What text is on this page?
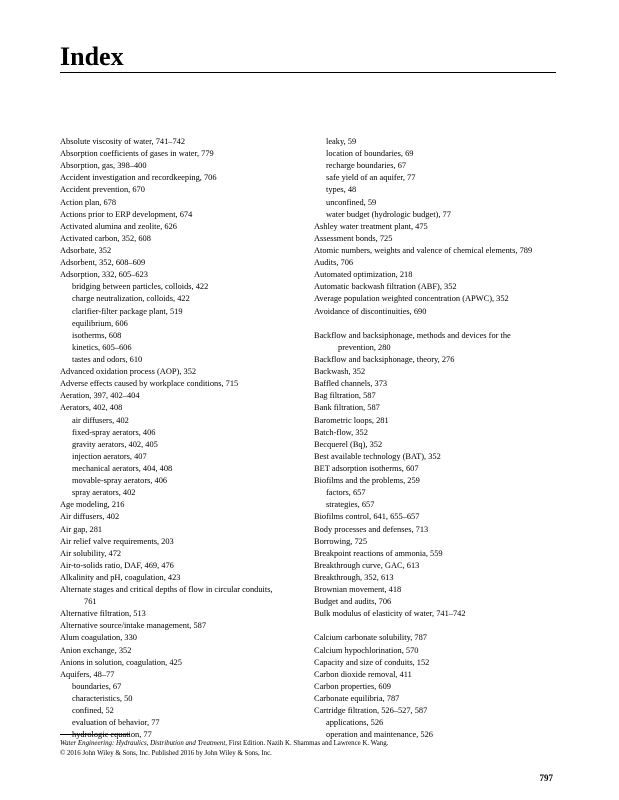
Index
Absolute viscosity of water, 741–742
Absorption coefficients of gases in water, 779
Absorption, gas, 398–400
Accident investigation and recordkeeping, 706
Accident prevention, 670
Action plan, 678
Actions prior to ERP development, 674
Activated alumina and zeolite, 626
Activated carbon, 352, 608
Adsorbate, 352
Adsorbent, 352, 608–609
Adsorption, 332, 605–623
bridging between particles, colloids, 422
charge neutralization, colloids, 422
clarifier-filter package plant, 519
equilibrium, 606
isotherms, 608
kinetics, 605–606
tastes and odors, 610
Advanced oxidation process (AOP), 352
Adverse effects caused by workplace conditions, 715
Aeration, 397, 402–404
Aerators, 402, 408
air diffusers, 402
fixed-spray aerators, 406
gravity aerators, 402, 405
injection aerators, 407
mechanical aerators, 404, 408
movable-spray aerators, 406
spray aerators, 402
Age modeling, 216
Air diffusers, 402
Air gap, 281
Air relief valve requirements, 203
Air solubility, 472
Air-to-solids ratio, DAF, 469, 476
Alkalinity and pH, coagulation, 423
Alternate stages and critical depths of flow in circular conduits,
761
Alternative filtration, 513
Alternative source/intake management, 587
Alum coagulation, 330
Anion exchange, 352
Anions in solution, coagulation, 425
Aquifers, 48–77
boundaries, 67
characteristics, 50
confined, 52
evaluation of behavior, 77
hydrologic equation, 77
leaky, 59
location of boundaries, 69
recharge boundaries, 67
safe yield of an aquifer, 77
types, 48
unconfined, 59
water budget (hydrologic budget), 77
Ashley water treatment plant, 475
Assessment bonds, 725
Atomic numbers, weights and valence of chemical elements, 789
Audits, 706
Automated optimization, 218
Automatic backwash filtration (ABF), 352
Average population weighted concentration (APWC), 352
Avoidance of discontinuities, 690
Backflow and backsiphonage, methods and devices for the
prevention, 280
Backflow and backsiphonage, theory, 276
Backwash, 352
Baffled channels, 373
Bag filtration, 587
Bank filtration, 587
Barometric loops, 281
Batch-flow, 352
Becquerel (Bq), 352
Best available technology (BAT), 352
BET adsorption isotherms, 607
Biofilms and the problems, 259
factors, 657
strategies, 657
Biofilms control, 641, 655–657
Body processes and defenses, 713
Borrowing, 725
Breakpoint reactions of ammonia, 559
Breakthrough curve, GAC, 613
Breakthrough, 352, 613
Brownian movement, 418
Budget and audits, 706
Bulk modulus of elasticity of water, 741–742
Calcium carbonate solubility, 787
Calcium hypochlorination, 570
Capacity and size of conduits, 152
Carbon dioxide removal, 411
Carbon properties, 609
Carbonate equilibria, 787
Cartridge filtration, 526–527, 587
applications, 526
operation and maintenance, 526
Water Engineering: Hydraulics, Distribution and Treatment, First Edition. Nazih K. Shammas and Lawrence K. Wang.
© 2016 John Wiley & Sons, Inc. Published 2016 by John Wiley & Sons, Inc.
797
